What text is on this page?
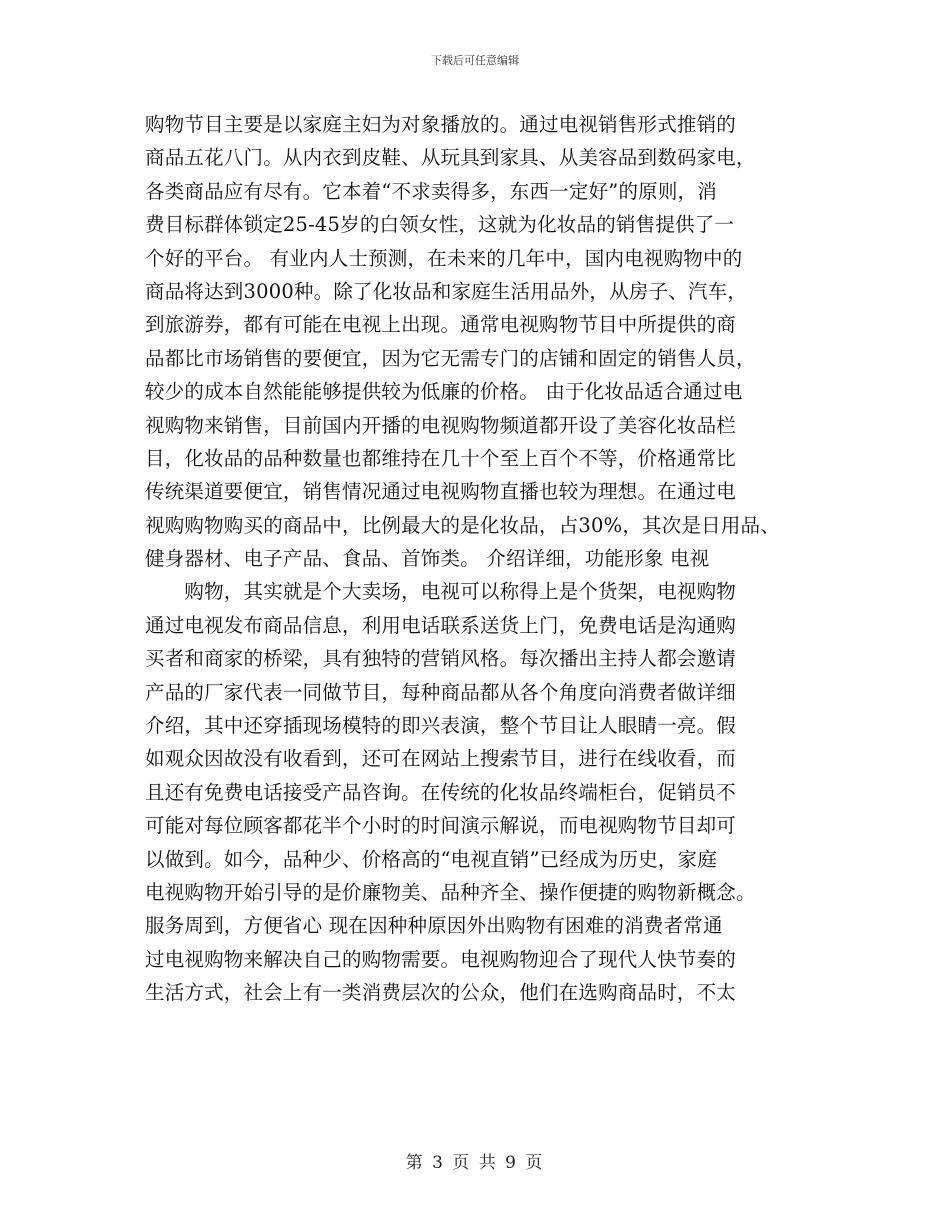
下载后可任意编辑
购物节目主要是以家庭主妇为对象播放的。通过电视销售形式推销的
商品五花八门。从内衣到皮鞋、从玩具到家具、从美容品到数码家电，
各类商品应有尽有。它本着“不求卖得多，东西一定好”的原则，消
费目标群体锁定25-45岁的白领女性，这就为化妆品的销售提供了一
个好的平台。 有业内人士预测，在未来的几年中，国内电视购物中的
商品将达到3000种。除了化妆品和家庭生活用品外，从房子、汽车，
到旅游券，都有可能在电视上出现。通常电视购物节目中所提供的商
品都比市场销售的要便宜，因为它无需专门的店铺和固定的销售人员，
较少的成本自然能能够提供较为低廉的价格。 由于化妆品适合通过电
视购物来销售，目前国内开播的电视购物频道都开设了美容化妆品栏
目，化妆品的品种数量也都维持在几十个至上百个不等，价格通常比
传统渠道要便宜，销售情况通过电视购物直播也较为理想。在通过电
视购购物购买的商品中，比例最大的是化妆品，占30%，其次是日用品、
健身器材、电子产品、食品、首饰类。 介绍详细，功能形象 电视
　　购物，其实就是个大卖场，电视可以称得上是个货架，电视购物
通过电视发布商品信息，利用电话联系送货上门，免费电话是沟通购
买者和商家的桥梁，具有独特的营销风格。每次播出主持人都会邀请
产品的厂家代表一同做节目，每种商品都从各个角度向消费者做详细
介绍，其中还穿插现场模特的即兴表演，整个节目让人眼睛一亮。假
如观众因故没有收看到，还可在网站上搜索节目，进行在线收看，而
且还有免费电话接受产品咨询。在传统的化妆品终端柜台，促销员不
可能对每位顾客都花半个小时的时间演示解说，而电视购物节目却可
以做到。如今，品种少、价格高的“电视直销”已经成为历史，家庭
电视购物开始引导的是价廉物美、品种齐全、操作便捷的购物新概念。
服务周到，方便省心 现在因种种原因外出购物有困难的消费者常通
过电视购物来解决自己的购物需要。电视购物迎合了现代人快节奏的
生活方式，社会上有一类消费层次的公众，他们在选购商品时，不太
第 3 页 共 9 页
